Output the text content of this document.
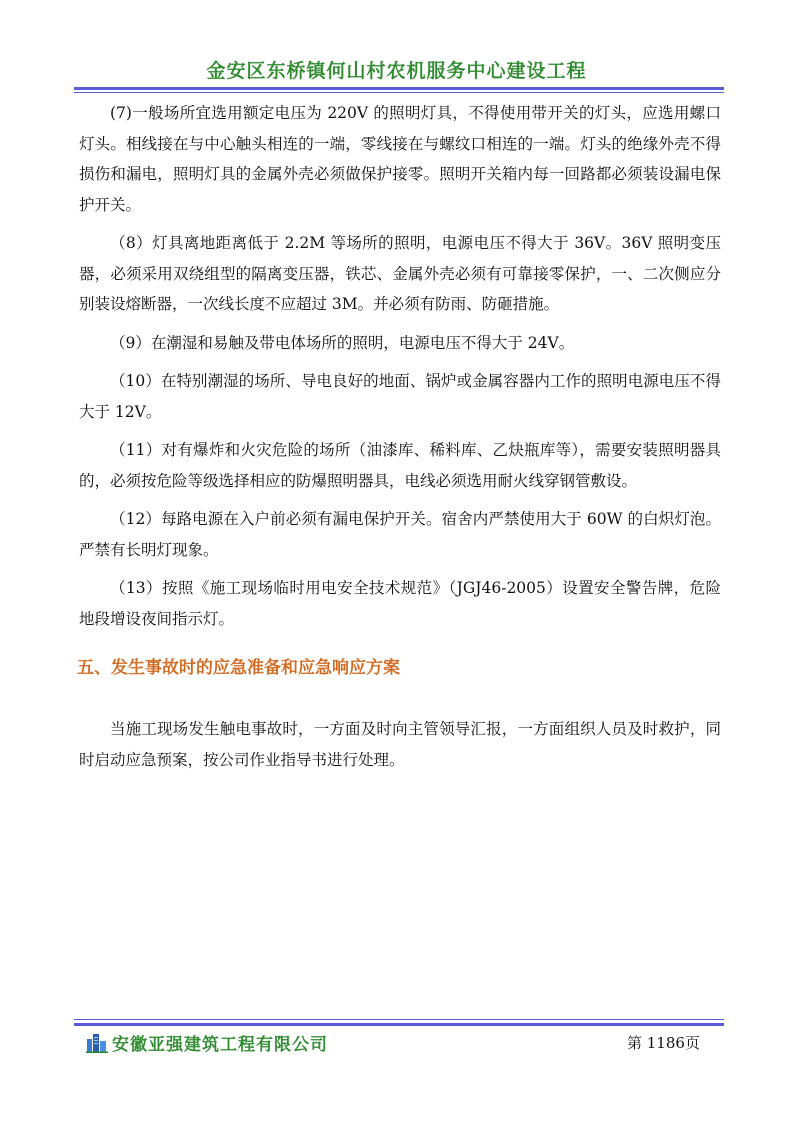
金安区东桥镇何山村农机服务中心建设工程

(7)一般场所宜选用额定电压为 220V 的照明灯具，不得使用带开关的灯头，应选用螺口灯头。相线接在与中心触头相连的一端，零线接在与螺纹口相连的一端。灯头的绝缘外壳不得损伤和漏电，照明灯具的金属外壳必须做保护接零。照明开关箱内每一回路都必须装设漏电保护开关。

（8）灯具离地距离低于 2.2M 等场所的照明，电源电压不得大于 36V。36V 照明变压器，必须采用双绕组型的隔离变压器，铁芯、金属外壳必须有可靠接零保护，一、二次侧应分别装设熔断器，一次线长度不应超过 3M。并必须有防雨、防砸措施。

（9）在潮湿和易触及带电体场所的照明，电源电压不得大于 24V。

（10）在特别潮湿的场所、导电良好的地面、锅炉或金属容器内工作的照明电源电压不得大于 12V。

（11）对有爆炸和火灾危险的场所（油漆库、稀料库、乙炔瓶库等），需要安装照明器具的，必须按危险等级选择相应的防爆照明器具，电线必须选用耐火线穿钢管敷设。

（12）每路电源在入户前必须有漏电保护开关。宿舍内严禁使用大于 60W 的白炽灯泡。严禁有长明灯现象。

（13）按照《施工现场临时用电安全技术规范》（JGJ46-2005）设置安全警告牌，危险地段增设夜间指示灯。

五、发生事故时的应急准备和应急响应方案

当施工现场发生触电事故时，一方面及时向主管领导汇报，一方面组织人员及时救护，同时启动应急预案，按公司作业指导书进行处理。

安徽亚强建筑工程有限公司	第 1186页
